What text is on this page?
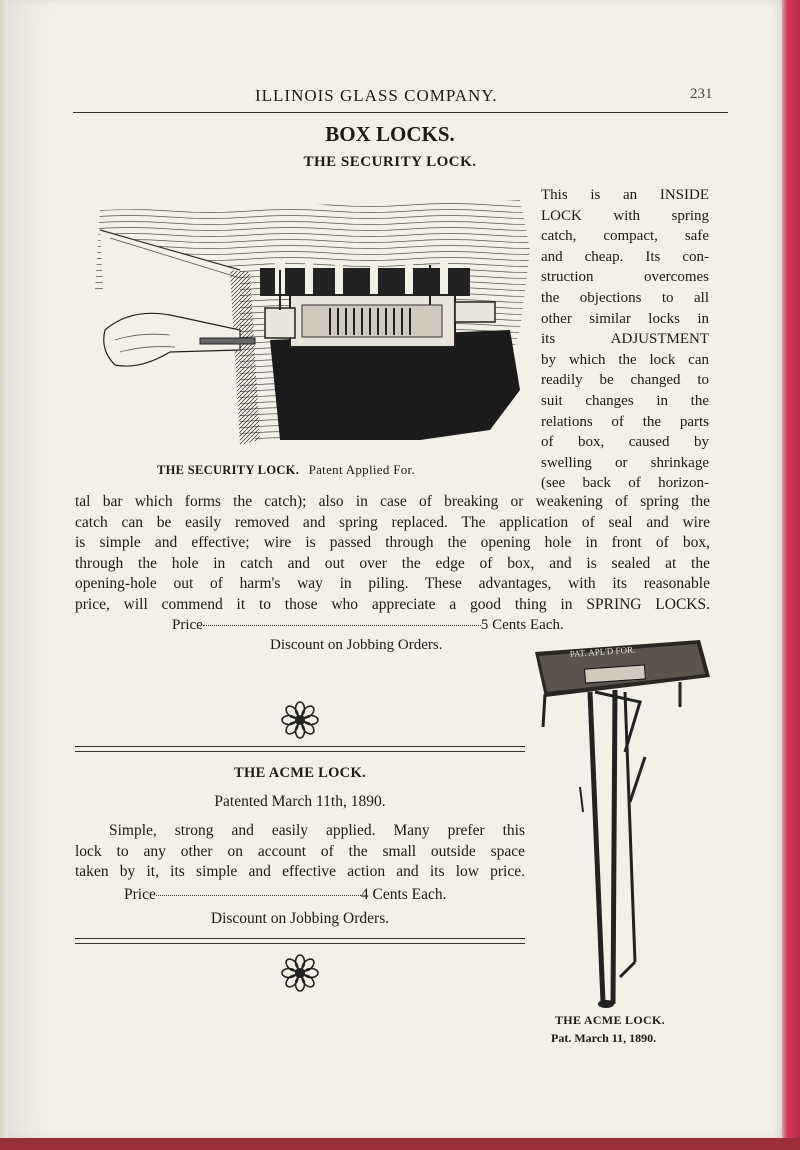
ILLINOIS GLASS COMPANY.	231
BOX LOCKS.
THE SECURITY LOCK.
This is an INSIDE
LOCK with spring
catch, compact, safe
and cheap. Its con-
struction overcomes
the objections to all
other similar locks in
its ADJUSTMENT
by which the lock can
readily be changed to
suit changes in the
relations of the parts
of box, caused by
swelling or shrinkage
(see back of horizon-
THE SECURITY LOCK. Patent Applied For.
tal bar which forms the catch); also in case of breaking or weakening of spring the
catch can be easily removed and spring replaced. The application of seal and wire
is simple and effective; wire is passed through the opening hole in front of box,
through the hole in catch and out over the edge of box, and is sealed at the
opening-hole out of harm's way in piling. These advantages, with its reasonable
price, will commend it to those who appreciate a good thing in SPRING LOCKS.
Price	5 Cents Each.
Discount on Jobbing Orders.
THE ACME LOCK.
Patented March 11th, 1890.
Simple, strong and easily applied. Many prefer this
lock to any other on account of the small outside space
taken by it, its simple and effective action and its low price.
Price	4 Cents Each.
Discount on Jobbing Orders.
PAT. APL'D FOR.
THE ACME LOCK.
Pat. March 11, 1890.
